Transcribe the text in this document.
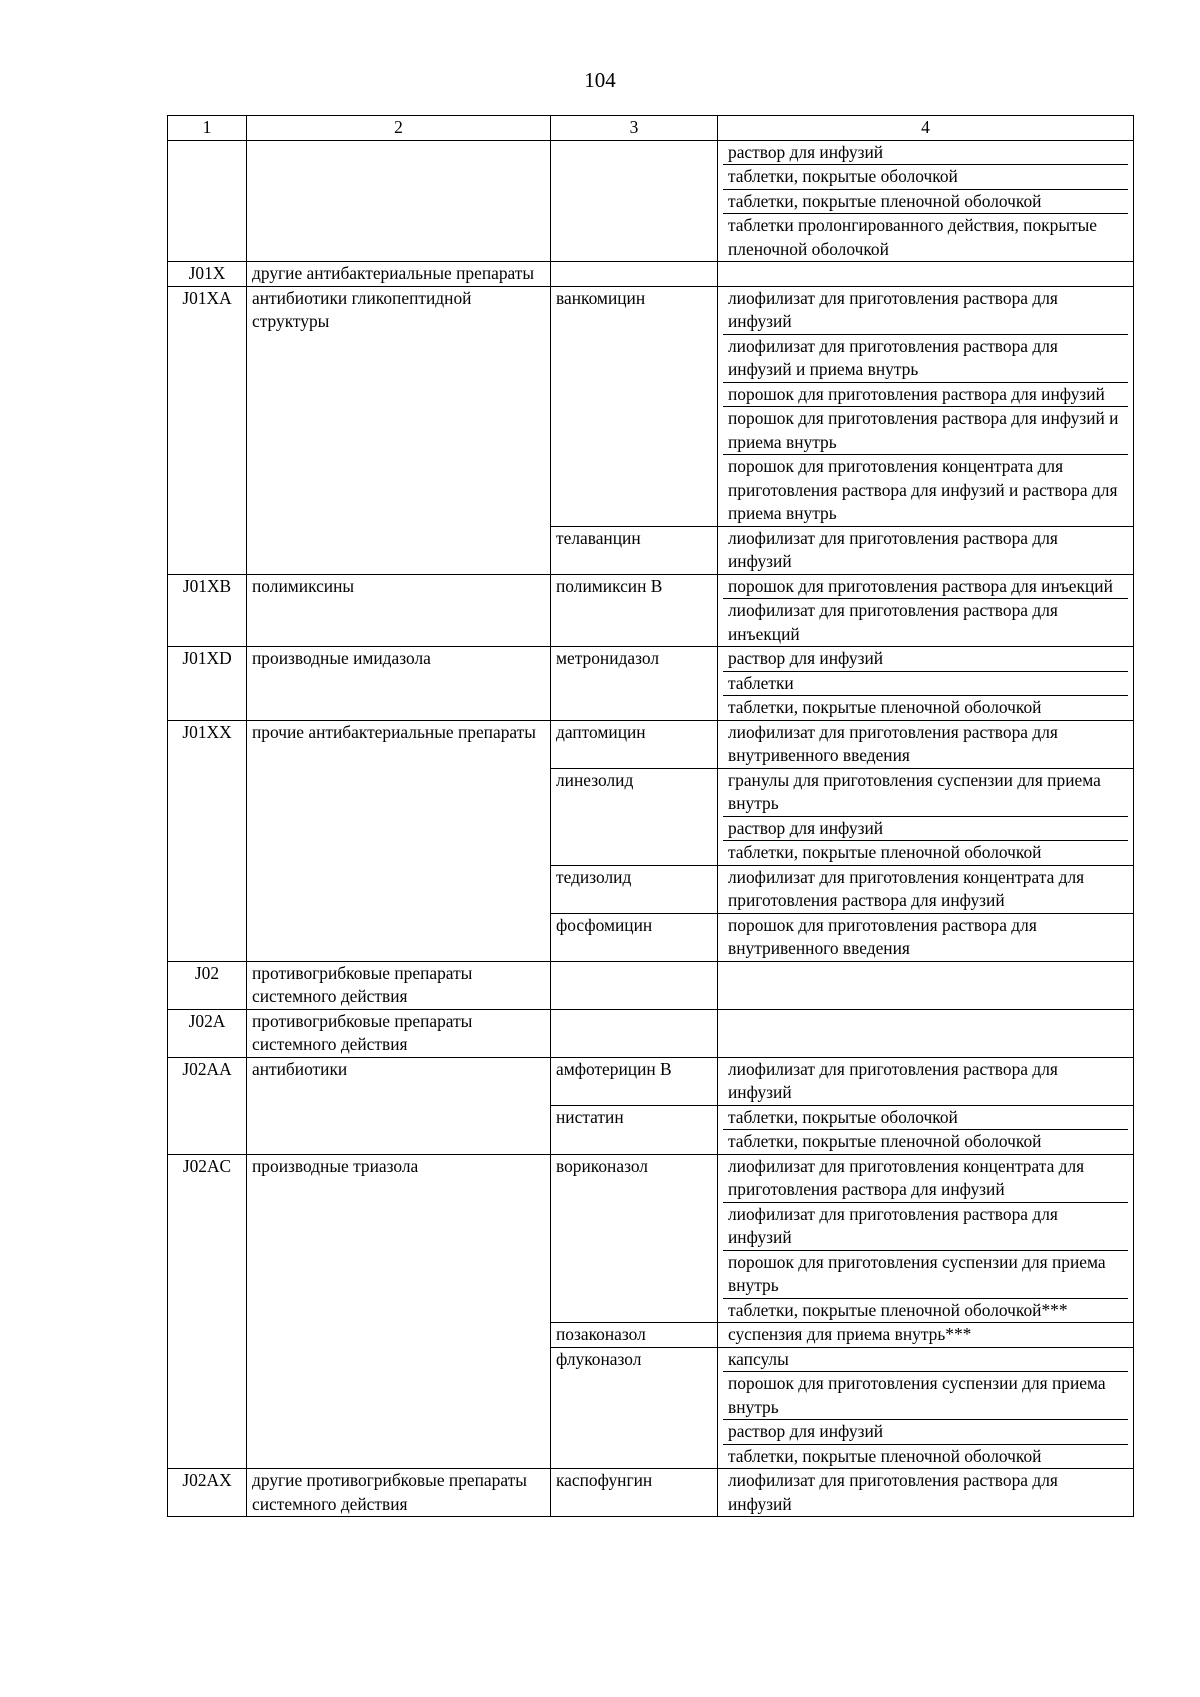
104
1	2	3	4

			раствор для инфузий
таблетки, покрытые оболочкой
таблетки, покрытые пленочной оболочкой
таблетки пролонгированного действия, покрытые пленочной оболочкой

J01X	другие антибактериальные препараты		

J01XA	антибиотики гликопептидной структуры	ванкомицин	лиофилизат для приготовления раствора для инфузий
лиофилизат для приготовления раствора для инфузий и приема внутрь
порошок для приготовления раствора для инфузий
порошок для приготовления раствора для инфузий и приема внутрь
порошок для приготовления концентрата для приготовления раствора для инфузий и раствора для приема внутрь

		телаванцин	лиофилизат для приготовления раствора для инфузий

J01XB	полимиксины	полимиксин В	порошок для приготовления раствора для инъекций
лиофилизат для приготовления раствора для инъекций

J01XD	производные имидазола	метронидазол	раствор для инфузий
таблетки
таблетки, покрытые пленочной оболочкой

J01XX	прочие антибактериальные препараты	даптомицин	лиофилизат для приготовления раствора для внутривенного введения

		линезолид	гранулы для приготовления суспензии для приема внутрь
раствор для инфузий
таблетки, покрытые пленочной оболочкой

		тедизолид	лиофилизат для приготовления концентрата для приготовления раствора для инфузий

		фосфомицин	порошок для приготовления раствора для внутривенного введения

J02	противогрибковые препараты системного действия		

J02A	противогрибковые препараты системного действия		

J02AA	антибиотики	амфотерицин В	лиофилизат для приготовления раствора для инфузий

		нистатин	таблетки, покрытые оболочкой
таблетки, покрытые пленочной оболочкой

J02AC	производные триазола	вориконазол	лиофилизат для приготовления концентрата для приготовления раствора для инфузий
лиофилизат для приготовления раствора для инфузий
порошок для приготовления суспензии для приема внутрь
таблетки, покрытые пленочной оболочкой***

		позаконазол	суспензия для приема внутрь***

		флуконазол	капсулы
порошок для приготовления суспензии для приема внутрь
раствор для инфузий
таблетки, покрытые пленочной оболочкой

J02AX	другие противогрибковые препараты системного действия	каспофунгин	лиофилизат для приготовления раствора для инфузий
